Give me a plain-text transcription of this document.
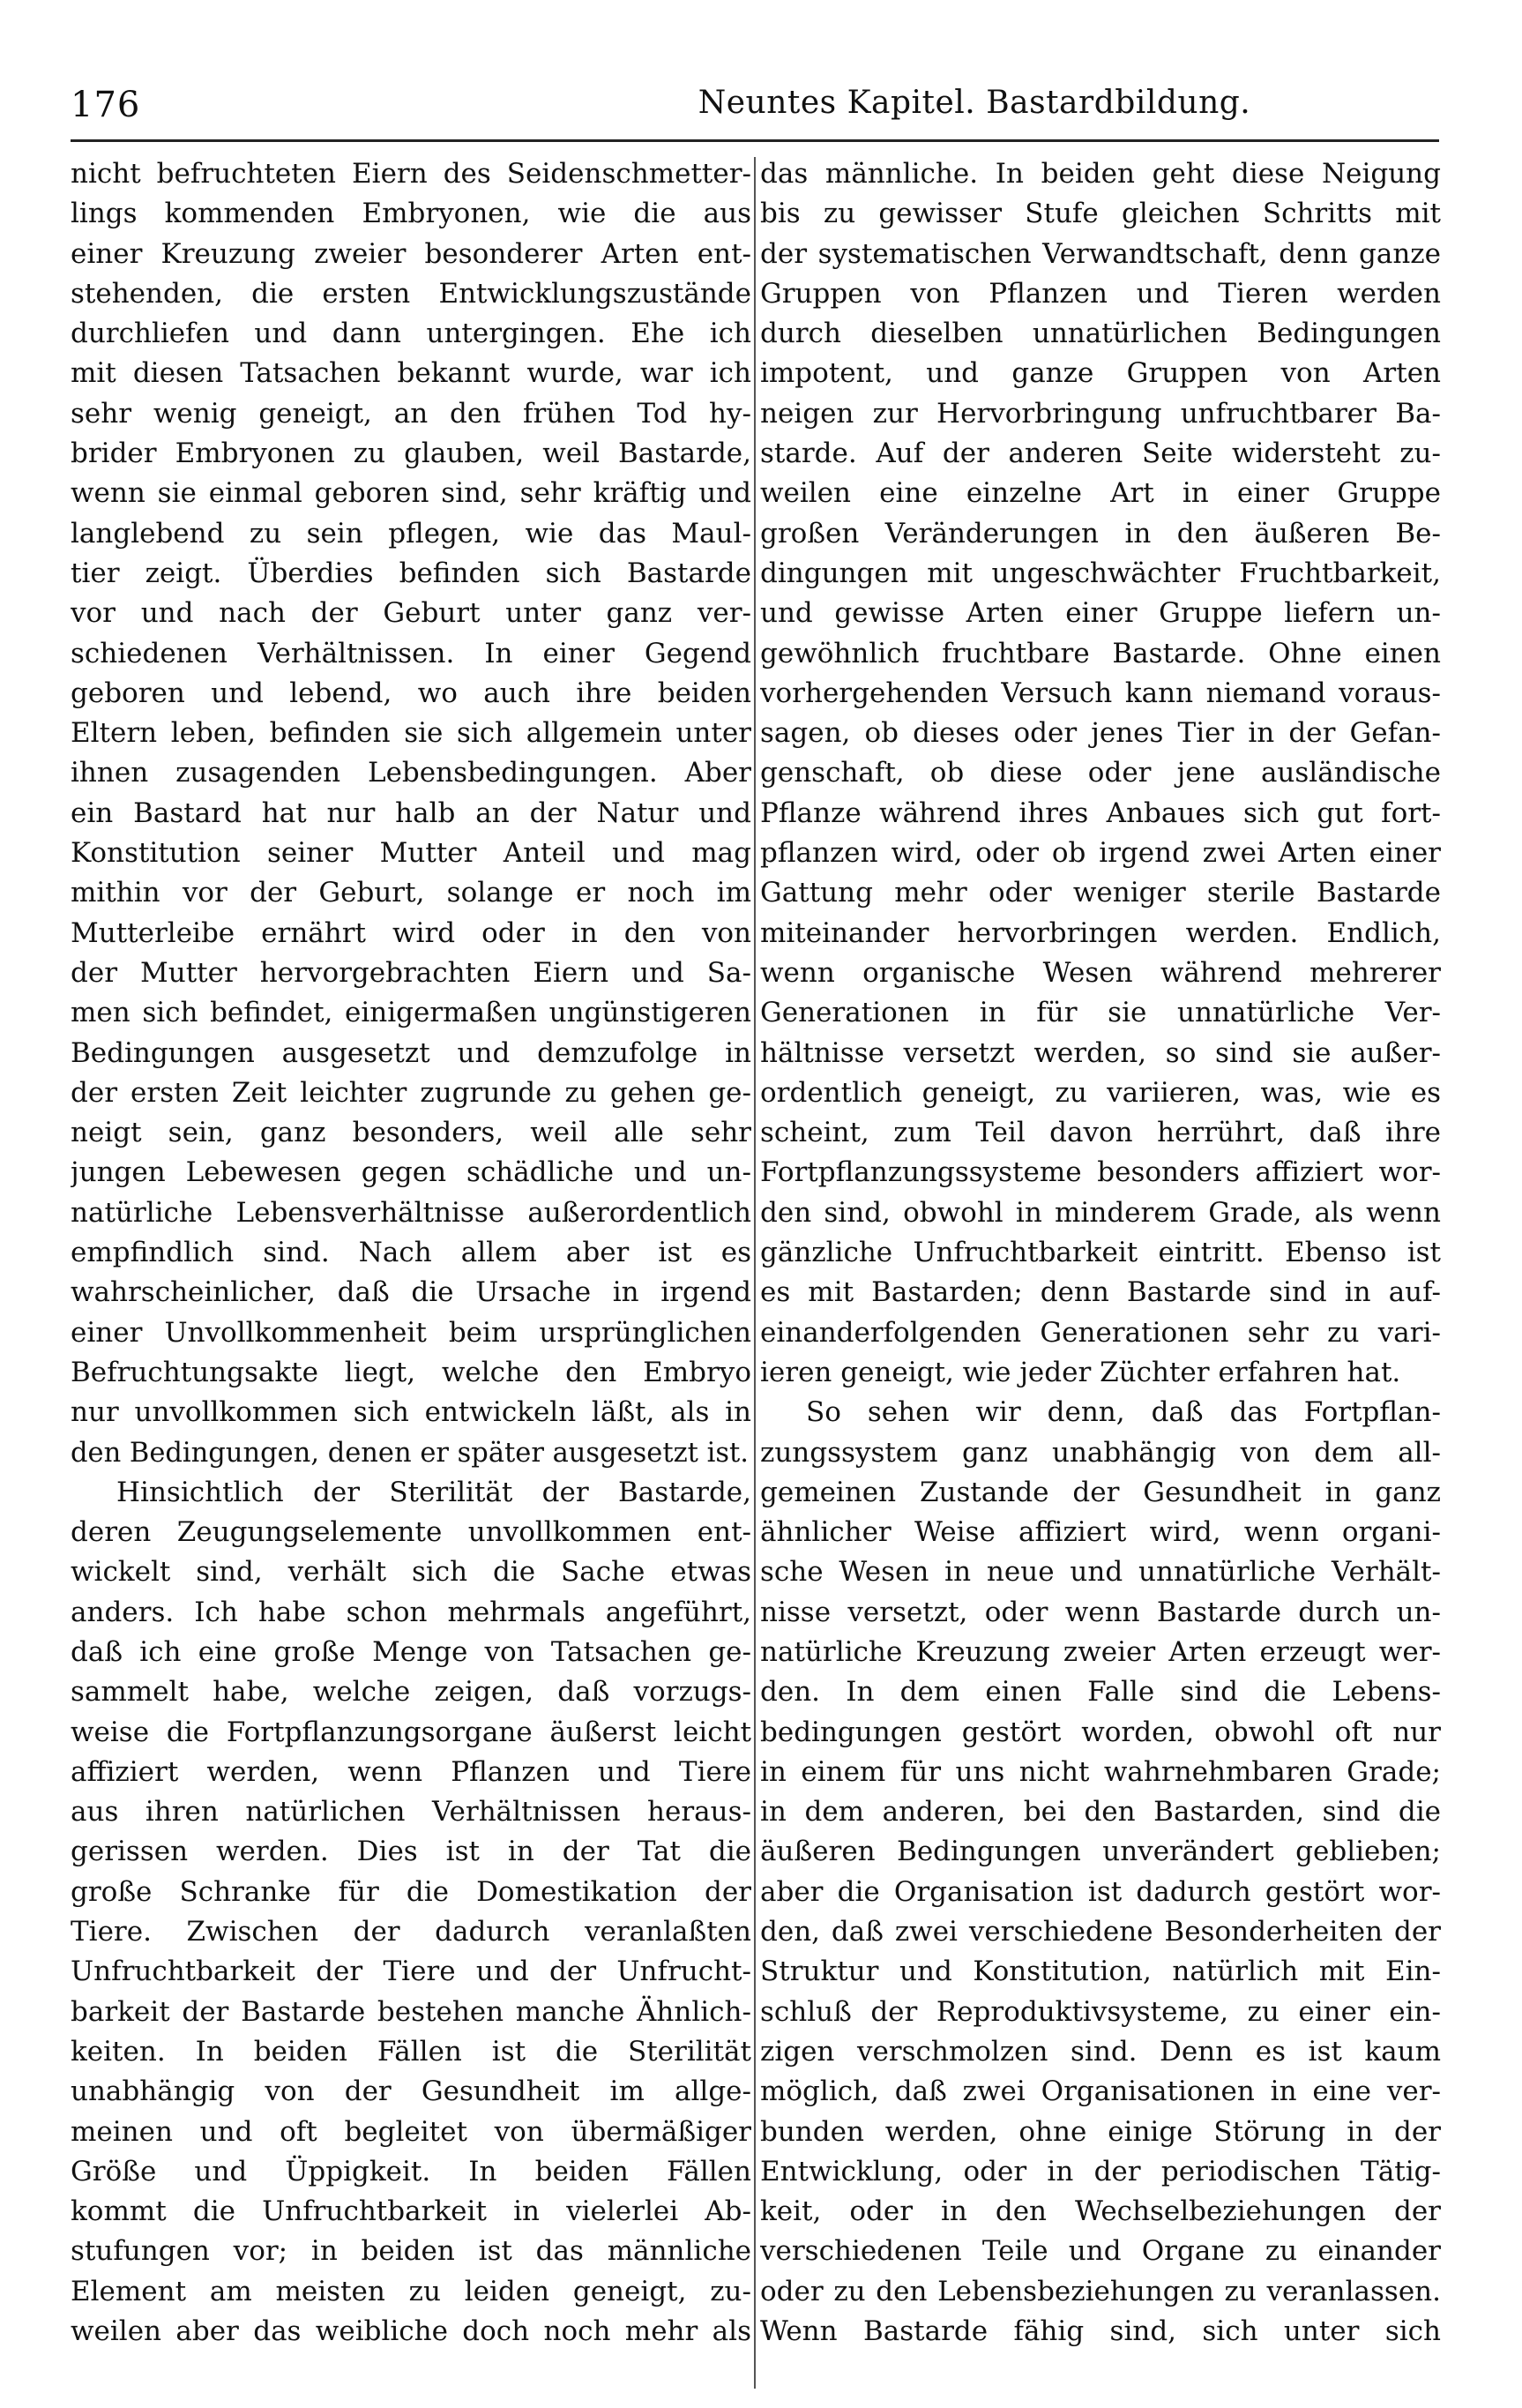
176	Neuntes Kapitel. Bastardbildung.
nicht befruchteten Eiern des Seidenschmetter-
lings kommenden Embryonen, wie die aus
einer Kreuzung zweier besonderer Arten ent-
stehenden, die ersten Entwicklungszustände
durchliefen und dann untergingen. Ehe ich
mit diesen Tatsachen bekannt wurde, war ich
sehr wenig geneigt, an den frühen Tod hy-
brider Embryonen zu glauben, weil Bastarde,
wenn sie einmal geboren sind, sehr kräftig und
langlebend zu sein pflegen, wie das Maul-
tier zeigt. Überdies befinden sich Bastarde
vor und nach der Geburt unter ganz ver-
schiedenen Verhältnissen. In einer Gegend
geboren und lebend, wo auch ihre beiden
Eltern leben, befinden sie sich allgemein unter
ihnen zusagenden Lebensbedingungen. Aber
ein Bastard hat nur halb an der Natur und
Konstitution seiner Mutter Anteil und mag
mithin vor der Geburt, solange er noch im
Mutterleibe ernährt wird oder in den von
der Mutter hervorgebrachten Eiern und Sa-
men sich befindet, einigermaßen ungünstigeren
Bedingungen ausgesetzt und demzufolge in
der ersten Zeit leichter zugrunde zu gehen ge-
neigt sein, ganz besonders, weil alle sehr
jungen Lebewesen gegen schädliche und un-
natürliche Lebensverhältnisse außerordentlich
empfindlich sind. Nach allem aber ist es
wahrscheinlicher, daß die Ursache in irgend
einer Unvollkommenheit beim ursprünglichen
Befruchtungsakte liegt, welche den Embryo
nur unvollkommen sich entwickeln läßt, als in
den Bedingungen, denen er später ausgesetzt ist.
Hinsichtlich der Sterilität der Bastarde,
deren Zeugungselemente unvollkommen ent-
wickelt sind, verhält sich die Sache etwas
anders. Ich habe schon mehrmals angeführt,
daß ich eine große Menge von Tatsachen ge-
sammelt habe, welche zeigen, daß vorzugs-
weise die Fortpflanzungsorgane äußerst leicht
affiziert werden, wenn Pflanzen und Tiere
aus ihren natürlichen Verhältnissen heraus-
gerissen werden. Dies ist in der Tat die
große Schranke für die Domestikation der
Tiere. Zwischen der dadurch veranlaßten
Unfruchtbarkeit der Tiere und der Unfrucht-
barkeit der Bastarde bestehen manche Ähnlich-
keiten. In beiden Fällen ist die Sterilität
unabhängig von der Gesundheit im allge-
meinen und oft begleitet von übermäßiger
Größe und Üppigkeit. In beiden Fällen
kommt die Unfruchtbarkeit in vielerlei Ab-
stufungen vor; in beiden ist das männliche
Element am meisten zu leiden geneigt, zu-
weilen aber das weibliche doch noch mehr als
das männliche. In beiden geht diese Neigung
bis zu gewisser Stufe gleichen Schritts mit
der systematischen Verwandtschaft, denn ganze
Gruppen von Pflanzen und Tieren werden
durch dieselben unnatürlichen Bedingungen
impotent, und ganze Gruppen von Arten
neigen zur Hervorbringung unfruchtbarer Ba-
starde. Auf der anderen Seite widersteht zu-
weilen eine einzelne Art in einer Gruppe
großen Veränderungen in den äußeren Be-
dingungen mit ungeschwächter Fruchtbarkeit,
und gewisse Arten einer Gruppe liefern un-
gewöhnlich fruchtbare Bastarde. Ohne einen
vorhergehenden Versuch kann niemand voraus-
sagen, ob dieses oder jenes Tier in der Gefan-
genschaft, ob diese oder jene ausländische
Pflanze während ihres Anbaues sich gut fort-
pflanzen wird, oder ob irgend zwei Arten einer
Gattung mehr oder weniger sterile Bastarde
miteinander hervorbringen werden. Endlich,
wenn organische Wesen während mehrerer
Generationen in für sie unnatürliche Ver-
hältnisse versetzt werden, so sind sie außer-
ordentlich geneigt, zu variieren, was, wie es
scheint, zum Teil davon herrührt, daß ihre
Fortpflanzungssysteme besonders affiziert wor-
den sind, obwohl in minderem Grade, als wenn
gänzliche Unfruchtbarkeit eintritt. Ebenso ist
es mit Bastarden; denn Bastarde sind in auf-
einanderfolgenden Generationen sehr zu vari-
ieren geneigt, wie jeder Züchter erfahren hat.
So sehen wir denn, daß das Fortpflan-
zungssystem ganz unabhängig von dem all-
gemeinen Zustande der Gesundheit in ganz
ähnlicher Weise affiziert wird, wenn organi-
sche Wesen in neue und unnatürliche Verhält-
nisse versetzt, oder wenn Bastarde durch un-
natürliche Kreuzung zweier Arten erzeugt wer-
den. In dem einen Falle sind die Lebens-
bedingungen gestört worden, obwohl oft nur
in einem für uns nicht wahrnehmbaren Grade;
in dem anderen, bei den Bastarden, sind die
äußeren Bedingungen unverändert geblieben;
aber die Organisation ist dadurch gestört wor-
den, daß zwei verschiedene Besonderheiten der
Struktur und Konstitution, natürlich mit Ein-
schluß der Reproduktivsysteme, zu einer ein-
zigen verschmolzen sind. Denn es ist kaum
möglich, daß zwei Organisationen in eine ver-
bunden werden, ohne einige Störung in der
Entwicklung, oder in der periodischen Tätig-
keit, oder in den Wechselbeziehungen der
verschiedenen Teile und Organe zu einander
oder zu den Lebensbeziehungen zu veranlassen.
Wenn Bastarde fähig sind, sich unter sich
